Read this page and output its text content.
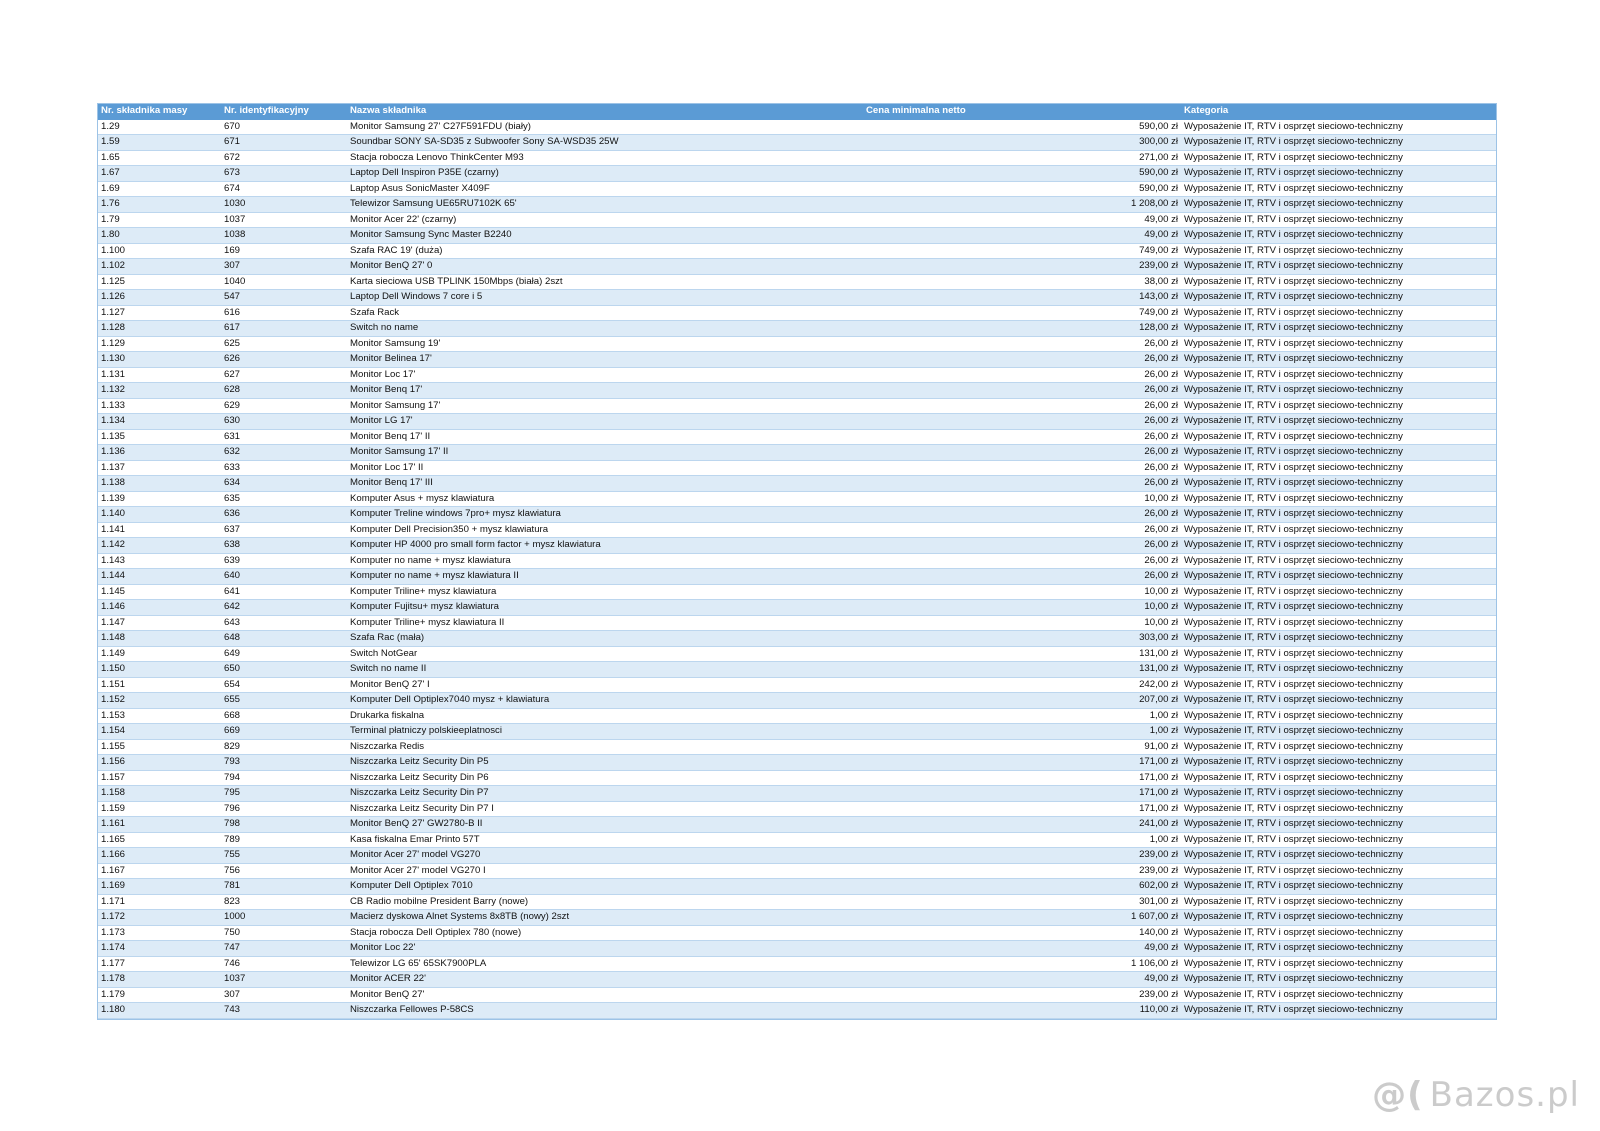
Nr. składnika masy	Nr. identyfikacyjny	Nazwa składnika	Cena minimalna netto	Kategoria
1.29	670	Monitor Samsung 27' C27F591FDU (biały)	590,00 zł	Wyposażenie IT, RTV i osprzęt sieciowo-techniczny
1.59	671	Soundbar SONY SA-SD35 z Subwoofer Sony SA-WSD35 25W	300,00 zł	Wyposażenie IT, RTV i osprzęt sieciowo-techniczny
1.65	672	Stacja robocza Lenovo ThinkCenter M93	271,00 zł	Wyposażenie IT, RTV i osprzęt sieciowo-techniczny
1.67	673	Laptop Dell Inspiron P35E (czarny)	590,00 zł	Wyposażenie IT, RTV i osprzęt sieciowo-techniczny
1.69	674	Laptop Asus SonicMaster X409F	590,00 zł	Wyposażenie IT, RTV i osprzęt sieciowo-techniczny
1.76	1030	Telewizor Samsung UE65RU7102K 65'	1 208,00 zł	Wyposażenie IT, RTV i osprzęt sieciowo-techniczny
1.79	1037	Monitor Acer 22' (czarny)	49,00 zł	Wyposażenie IT, RTV i osprzęt sieciowo-techniczny
1.80	1038	Monitor Samsung Sync Master B2240	49,00 zł	Wyposażenie IT, RTV i osprzęt sieciowo-techniczny
1.100	169	Szafa RAC 19' (duża)	749,00 zł	Wyposażenie IT, RTV i osprzęt sieciowo-techniczny
1.102	307	Monitor BenQ 27' 0	239,00 zł	Wyposażenie IT, RTV i osprzęt sieciowo-techniczny
1.125	1040	Karta sieciowa USB TPLINK 150Mbps (biała) 2szt	38,00 zł	Wyposażenie IT, RTV i osprzęt sieciowo-techniczny
1.126	547	Laptop Dell Windows 7 core i 5	143,00 zł	Wyposażenie IT, RTV i osprzęt sieciowo-techniczny
1.127	616	Szafa Rack	749,00 zł	Wyposażenie IT, RTV i osprzęt sieciowo-techniczny
1.128	617	Switch no name	128,00 zł	Wyposażenie IT, RTV i osprzęt sieciowo-techniczny
1.129	625	Monitor Samsung 19'	26,00 zł	Wyposażenie IT, RTV i osprzęt sieciowo-techniczny
1.130	626	Monitor Belinea 17'	26,00 zł	Wyposażenie IT, RTV i osprzęt sieciowo-techniczny
1.131	627	Monitor Loc 17'	26,00 zł	Wyposażenie IT, RTV i osprzęt sieciowo-techniczny
1.132	628	Monitor Benq 17'	26,00 zł	Wyposażenie IT, RTV i osprzęt sieciowo-techniczny
1.133	629	Monitor Samsung 17'	26,00 zł	Wyposażenie IT, RTV i osprzęt sieciowo-techniczny
1.134	630	Monitor LG 17'	26,00 zł	Wyposażenie IT, RTV i osprzęt sieciowo-techniczny
1.135	631	Monitor Benq 17' II	26,00 zł	Wyposażenie IT, RTV i osprzęt sieciowo-techniczny
1.136	632	Monitor Samsung 17' II	26,00 zł	Wyposażenie IT, RTV i osprzęt sieciowo-techniczny
1.137	633	Monitor Loc 17' II	26,00 zł	Wyposażenie IT, RTV i osprzęt sieciowo-techniczny
1.138	634	Monitor Benq 17' III	26,00 zł	Wyposażenie IT, RTV i osprzęt sieciowo-techniczny
1.139	635	Komputer Asus + mysz klawiatura	10,00 zł	Wyposażenie IT, RTV i osprzęt sieciowo-techniczny
1.140	636	Komputer Treline windows 7pro+ mysz klawiatura	26,00 zł	Wyposażenie IT, RTV i osprzęt sieciowo-techniczny
1.141	637	Komputer Dell Precision350 + mysz klawiatura	26,00 zł	Wyposażenie IT, RTV i osprzęt sieciowo-techniczny
1.142	638	Komputer HP 4000 pro small form factor + mysz klawiatura	26,00 zł	Wyposażenie IT, RTV i osprzęt sieciowo-techniczny
1.143	639	Komputer no name + mysz klawiatura	26,00 zł	Wyposażenie IT, RTV i osprzęt sieciowo-techniczny
1.144	640	Komputer no name + mysz klawiatura II	26,00 zł	Wyposażenie IT, RTV i osprzęt sieciowo-techniczny
1.145	641	Komputer Triline+ mysz klawiatura	10,00 zł	Wyposażenie IT, RTV i osprzęt sieciowo-techniczny
1.146	642	Komputer Fujitsu+ mysz klawiatura	10,00 zł	Wyposażenie IT, RTV i osprzęt sieciowo-techniczny
1.147	643	Komputer Triline+ mysz klawiatura II	10,00 zł	Wyposażenie IT, RTV i osprzęt sieciowo-techniczny
1.148	648	Szafa Rac (mała)	303,00 zł	Wyposażenie IT, RTV i osprzęt sieciowo-techniczny
1.149	649	Switch NotGear	131,00 zł	Wyposażenie IT, RTV i osprzęt sieciowo-techniczny
1.150	650	Switch no name II	131,00 zł	Wyposażenie IT, RTV i osprzęt sieciowo-techniczny
1.151	654	Monitor BenQ 27' I	242,00 zł	Wyposażenie IT, RTV i osprzęt sieciowo-techniczny
1.152	655	Komputer Dell Optiplex7040 mysz + klawiatura	207,00 zł	Wyposażenie IT, RTV i osprzęt sieciowo-techniczny
1.153	668	Drukarka fiskalna	1,00 zł	Wyposażenie IT, RTV i osprzęt sieciowo-techniczny
1.154	669	Terminal płatniczy polskieeplatnosci	1,00 zł	Wyposażenie IT, RTV i osprzęt sieciowo-techniczny
1.155	829	Niszczarka Redis	91,00 zł	Wyposażenie IT, RTV i osprzęt sieciowo-techniczny
1.156	793	Niszczarka Leitz Security Din P5	171,00 zł	Wyposażenie IT, RTV i osprzęt sieciowo-techniczny
1.157	794	Niszczarka Leitz Security Din P6	171,00 zł	Wyposażenie IT, RTV i osprzęt sieciowo-techniczny
1.158	795	Niszczarka Leitz Security Din P7	171,00 zł	Wyposażenie IT, RTV i osprzęt sieciowo-techniczny
1.159	796	Niszczarka Leitz Security Din P7 I	171,00 zł	Wyposażenie IT, RTV i osprzęt sieciowo-techniczny
1.161	798	Monitor BenQ 27' GW2780-B II	241,00 zł	Wyposażenie IT, RTV i osprzęt sieciowo-techniczny
1.165	789	Kasa fiskalna Emar Printo 57T	1,00 zł	Wyposażenie IT, RTV i osprzęt sieciowo-techniczny
1.166	755	Monitor Acer 27' model VG270	239,00 zł	Wyposażenie IT, RTV i osprzęt sieciowo-techniczny
1.167	756	Monitor Acer 27' model VG270 I	239,00 zł	Wyposażenie IT, RTV i osprzęt sieciowo-techniczny
1.169	781	Komputer Dell Optiplex 7010	602,00 zł	Wyposażenie IT, RTV i osprzęt sieciowo-techniczny
1.171	823	CB Radio mobilne President Barry (nowe)	301,00 zł	Wyposażenie IT, RTV i osprzęt sieciowo-techniczny
1.172	1000	Macierz dyskowa Alnet Systems 8x8TB (nowy) 2szt	1 607,00 zł	Wyposażenie IT, RTV i osprzęt sieciowo-techniczny
1.173	750	Stacja robocza Dell Optiplex 780 (nowe)	140,00 zł	Wyposażenie IT, RTV i osprzęt sieciowo-techniczny
1.174	747	Monitor Loc 22'	49,00 zł	Wyposażenie IT, RTV i osprzęt sieciowo-techniczny
1.177	746	Telewizor LG 65' 65SK7900PLA	1 106,00 zł	Wyposażenie IT, RTV i osprzęt sieciowo-techniczny
1.178	1037	Monitor ACER 22'	49,00 zł	Wyposażenie IT, RTV i osprzęt sieciowo-techniczny
1.179	307	Monitor BenQ 27'	239,00 zł	Wyposażenie IT, RTV i osprzęt sieciowo-techniczny
1.180	743	Niszczarka Fellowes P-58CS	110,00 zł	Wyposażenie IT, RTV i osprzęt sieciowo-techniczny
@( Bazos.pl
